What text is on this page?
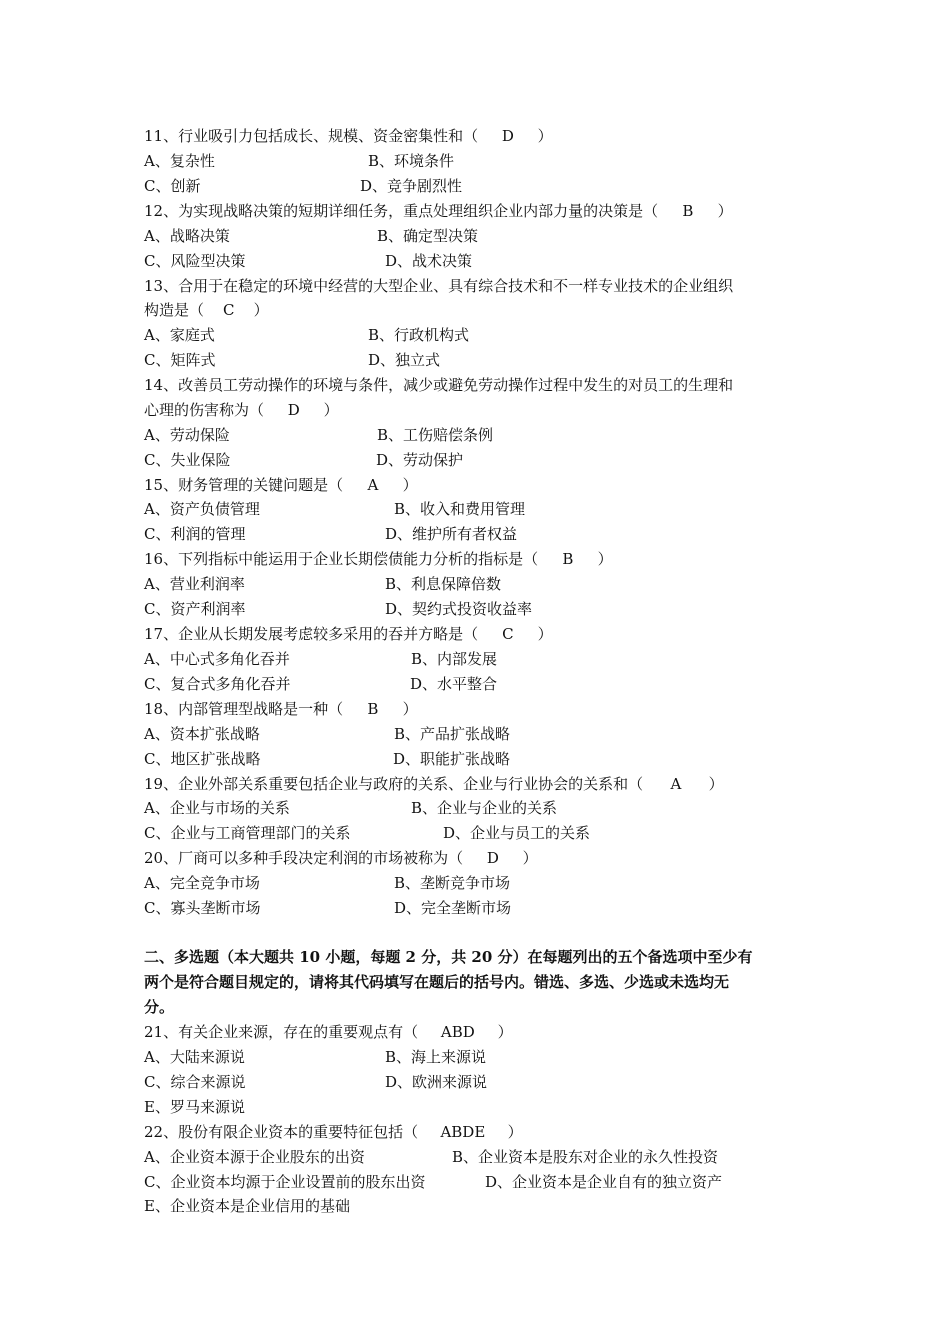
11、行业吸引力包括成长、规模、资金密集性和（ D ）
A、复杂性	B、环境条件
C、创新	D、竞争剧烈性
12、为实现战略决策的短期详细任务，重点处理组织企业内部力量的决策是（ B ）
A、战略决策	B、确定型决策
C、风险型决策	D、战术决策
13、合用于在稳定的环境中经营的大型企业、具有综合技术和不一样专业技术的企业组织
构造是（ C ）
A、家庭式	B、行政机构式
C、矩阵式	D、独立式
14、改善员工劳动操作的环境与条件，减少或避免劳动操作过程中发生的对员工的生理和
心理的伤害称为（ D ）
A、劳动保险	B、工伤赔偿条例
C、失业保险	D、劳动保护
15、财务管理的关键问题是（ A ）
A、资产负债管理	B、收入和费用管理
C、利润的管理	D、维护所有者权益
16、下列指标中能运用于企业长期偿债能力分析的指标是（ B ）
A、营业利润率	B、利息保障倍数
C、资产利润率	D、契约式投资收益率
17、企业从长期发展考虑较多采用的吞并方略是（ C ）
A、中心式多角化吞并	B、内部发展
C、复合式多角化吞并	D、水平整合
18、内部管理型战略是一种（ B ）
A、资本扩张战略	B、产品扩张战略
C、地区扩张战略	D、职能扩张战略
19、企业外部关系重要包括企业与政府的关系、企业与行业协会的关系和（ A ）
A、企业与市场的关系	B、企业与企业的关系
C、企业与工商管理部门的关系	D、企业与员工的关系
20、厂商可以多种手段决定利润的市场被称为（ D ）
A、完全竞争市场	B、垄断竞争市场
C、寡头垄断市场	D、完全垄断市场
二、多选题（本大题共 10 小题，每题 2 分，共 20 分）在每题列出的五个备选项中至少有
两个是符合题目规定的，请将其代码填写在题后的括号内。错选、多选、少选或未选均无
分。
21、有关企业来源，存在的重要观点有（ ABD ）
A、大陆来源说	B、海上来源说
C、综合来源说	D、欧洲来源说
E、罗马来源说
22、股份有限企业资本的重要特征包括（ ABDE ）
A、企业资本源于企业股东的出资	B、企业资本是股东对企业的永久性投资
C、企业资本均源于企业设置前的股东出资	D、企业资本是企业自有的独立资产
E、企业资本是企业信用的基础
